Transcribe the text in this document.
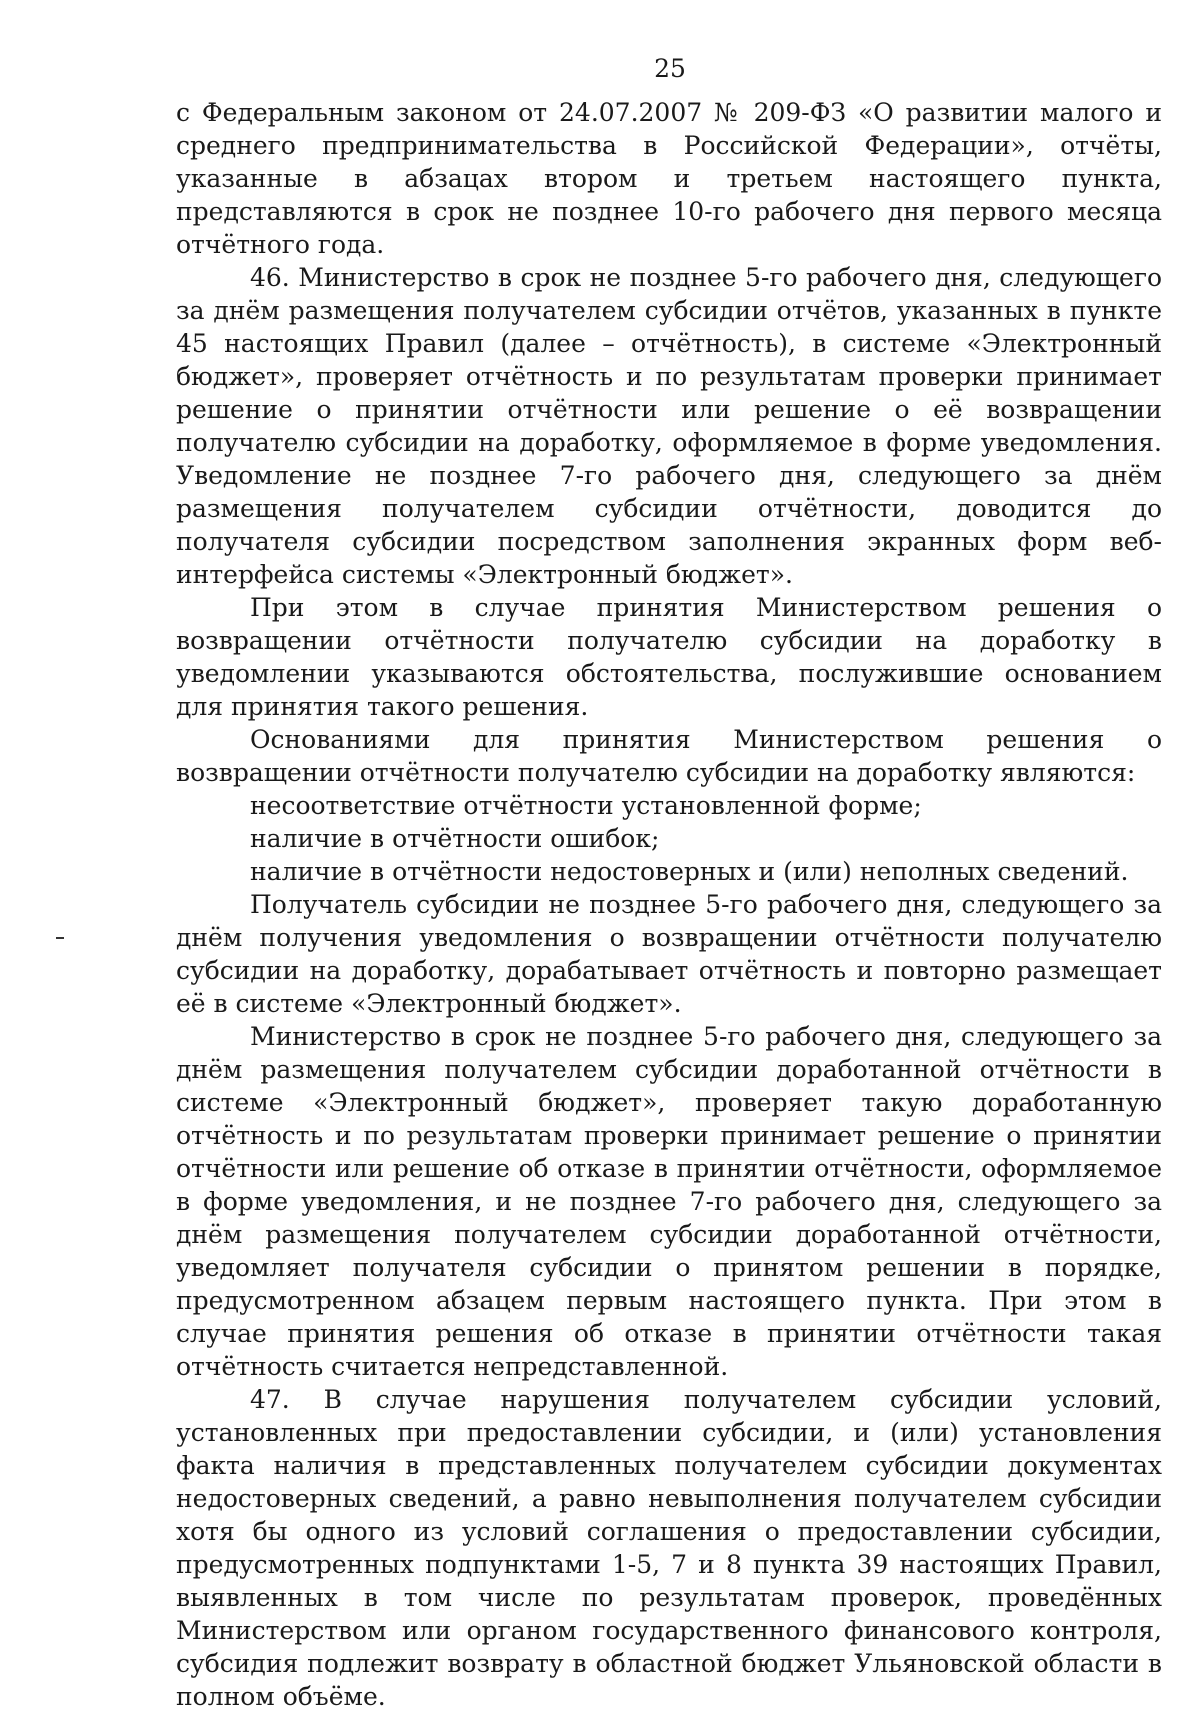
25

с Федеральным законом от 24.07.2007 № 209-ФЗ «О развитии малого и среднего предпринимательства в Российской Федерации», отчёты, указанные в абзацах втором и третьем настоящего пункта, представляются в срок не позднее 10-го рабочего дня первого месяца отчётного года.

46. Министерство в срок не позднее 5-го рабочего дня, следующего за днём размещения получателем субсидии отчётов, указанных в пункте 45 настоящих Правил (далее – отчётность), в системе «Электронный бюджет», проверяет отчётность и по результатам проверки принимает решение о принятии отчётности или решение о её возвращении получателю субсидии на доработку, оформляемое в форме уведомления. Уведомление не позднее 7-го рабочего дня, следующего за днём размещения получателем субсидии отчётности, доводится до получателя субсидии посредством заполнения экранных форм веб-интерфейса системы «Электронный бюджет».

При этом в случае принятия Министерством решения о возвращении отчётности получателю субсидии на доработку в уведомлении указываются обстоятельства, послужившие основанием для принятия такого решения.

Основаниями для принятия Министерством решения о возвращении отчётности получателю субсидии на доработку являются:

несоответствие отчётности установленной форме;

наличие в отчётности ошибок;

наличие в отчётности недостоверных и (или) неполных сведений.

Получатель субсидии не позднее 5-го рабочего дня, следующего за днём получения уведомления о возвращении отчётности получателю субсидии на доработку, дорабатывает отчётность и повторно размещает её в системе «Электронный бюджет».

Министерство в срок не позднее 5-го рабочего дня, следующего за днём размещения получателем субсидии доработанной отчётности в системе «Электронный бюджет», проверяет такую доработанную отчётность и по результатам проверки принимает решение о принятии отчётности или решение об отказе в принятии отчётности, оформляемое в форме уведомления, и не позднее 7-го рабочего дня, следующего за днём размещения получателем субсидии доработанной отчётности, уведомляет получателя субсидии о принятом решении в порядке, предусмотренном абзацем первым настоящего пункта. При этом в случае принятия решения об отказе в принятии отчётности такая отчётность считается непредставленной.

47. В случае нарушения получателем субсидии условий, установленных при предоставлении субсидии, и (или) установления факта наличия в представленных получателем субсидии документах недостоверных сведений, а равно невыполнения получателем субсидии хотя бы одного из условий соглашения о предоставлении субсидии, предусмотренных подпунктами 1-5, 7 и 8 пункта 39 настоящих Правил, выявленных в том числе по результатам проверок, проведённых Министерством или органом государственного финансового контроля, субсидия подлежит возврату в областной бюджет Ульяновской области в полном объёме.
